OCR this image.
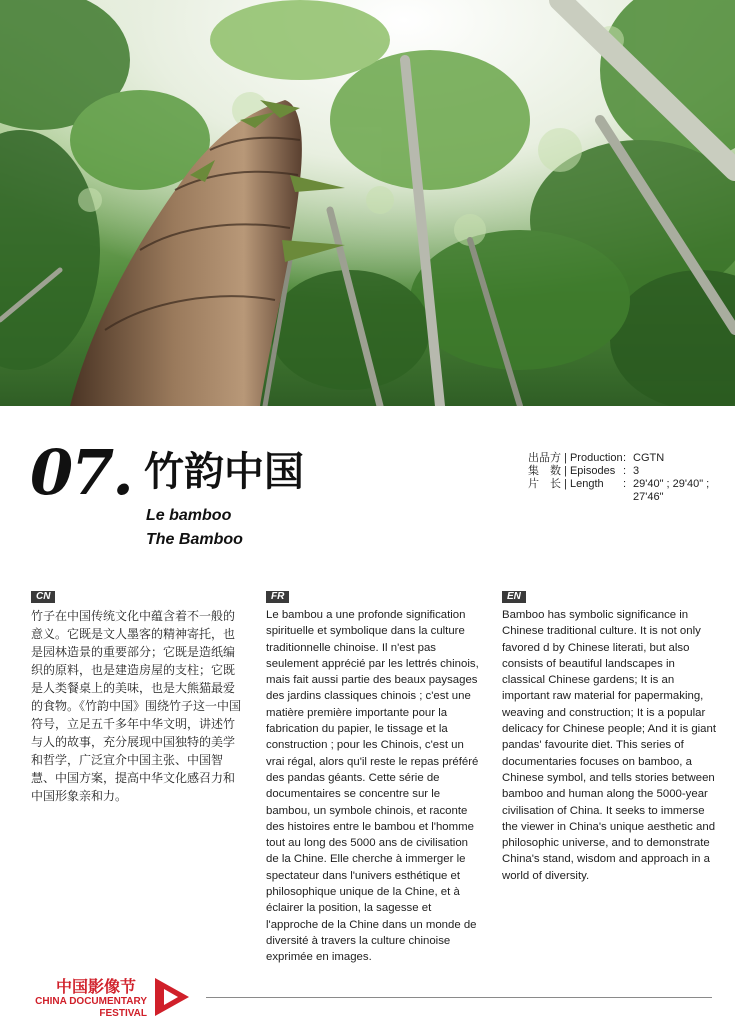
07. 竹韵中国
Le bamboo
The Bamboo
出品方 | Production : CGTN
集　数 | Episodes : 3
片　长 | Length	: 29'40" ; 29'40" ; 27'46"
CN
竹子在中国传统文化中蕴含着不一般的意义。它既是文人墨客的精神寄托，也是园林造景的重要部分；它既是造纸编织的原料，也是建造房屋的支柱；它既是人类餐桌上的美味，也是大熊猫最爱的食物。《竹韵中国》围绕竹子这一中国符号，立足五千多年中华文明，讲述竹与人的故事，充分展现中国独特的美学和哲学，广泛宣介中国主张、中国智慧、中国方案，提高中华文化感召力和中国形象亲和力。
FR
Le bambou a une profonde signification spirituelle et symbolique dans la culture traditionnelle chinoise. Il n'est pas seulement apprécié par les lettrés chinois, mais fait aussi partie des beaux paysages des jardins classiques chinois ; c'est une matière première importante pour la fabrication du papier, le tissage et la construction ; pour les Chinois, c'est un vrai régal, alors qu'il reste le repas préféré des pandas géants. Cette série de documentaires se concentre sur le bambou, un symbole chinois, et raconte des histoires entre le bambou et l'homme tout au long des 5000 ans de civilisation de la Chine. Elle cherche à immerger le spectateur dans l'univers esthétique et philosophique unique de la Chine, et à éclairer la position, la sagesse et l'approche de la Chine dans un monde de diversité à travers la culture chinoise exprimée en images.
EN
Bamboo has symbolic significance in Chinese traditional culture. It is not only favored d by Chinese literati, but also consists of beautiful landscapes in classical Chinese gardens; It is an important raw material for papermaking, weaving and construction; It is a popular delicacy for Chinese people; And it is giant pandas' favourite diet. This series of documentaries focuses on bamboo, a Chinese symbol, and tells stories between bamboo and human along the 5000-year civilisation of China. It seeks to immerse the viewer in China's unique aesthetic and philosophic universe, and to demonstrate China's stand, wisdom and approach in a world of diversity.
中国影像节
CHINA DOCUMENTARY
FESTIVAL
